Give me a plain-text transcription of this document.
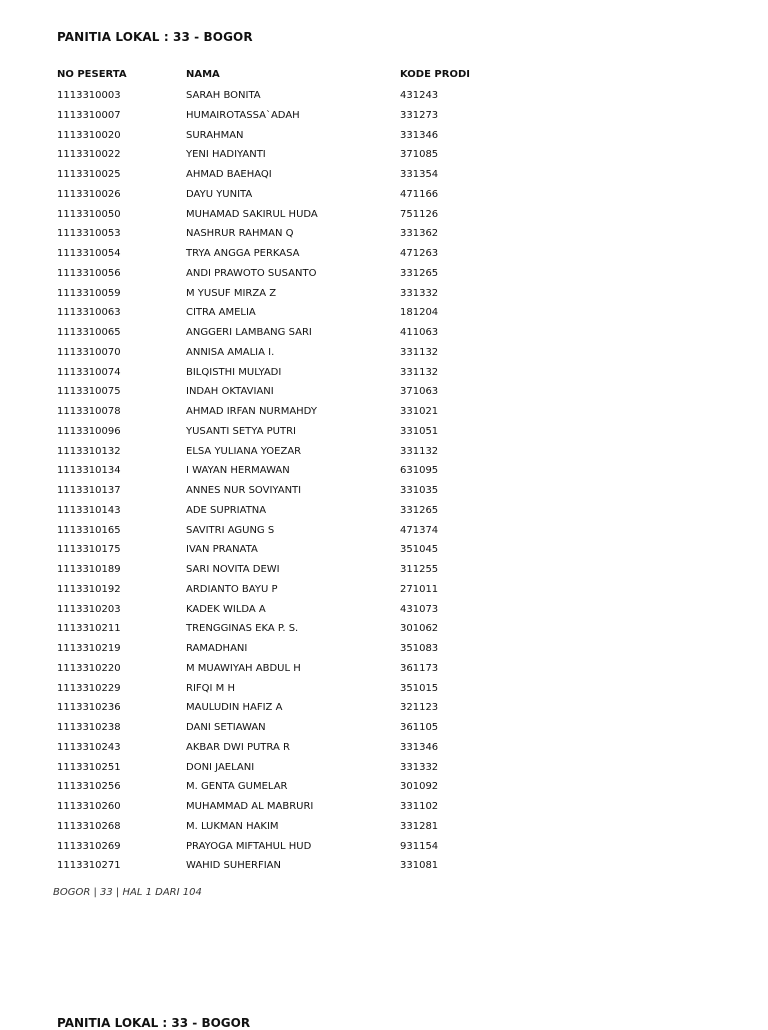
PANITIA LOKAL : 33 - BOGOR
NO PESERTA	NAMA	KODE PRODI
1113310003	SARAH BONITA	431243
1113310007	HUMAIROTASSA`ADAH	331273
1113310020	SURAHMAN	331346
1113310022	YENI HADIYANTI	371085
1113310025	AHMAD BAEHAQI	331354
1113310026	DAYU YUNITA	471166
1113310050	MUHAMAD SAKIRUL HUDA	751126
1113310053	NASHRUR RAHMAN Q	331362
1113310054	TRYA ANGGA PERKASA	471263
1113310056	ANDI PRAWOTO SUSANTO	331265
1113310059	M YUSUF MIRZA Z	331332
1113310063	CITRA AMELIA	181204
1113310065	ANGGERI LAMBANG SARI	411063
1113310070	ANNISA AMALIA I.	331132
1113310074	BILQISTHI MULYADI	331132
1113310075	INDAH OKTAVIANI	371063
1113310078	AHMAD IRFAN NURMAHDY	331021
1113310096	YUSANTI SETYA PUTRI	331051
1113310132	ELSA YULIANA YOEZAR	331132
1113310134	I WAYAN HERMAWAN	631095
1113310137	ANNES NUR SOVIYANTI	331035
1113310143	ADE SUPRIATNA	331265
1113310165	SAVITRI AGUNG S	471374
1113310175	IVAN PRANATA	351045
1113310189	SARI NOVITA DEWI	311255
1113310192	ARDIANTO BAYU P	271011
1113310203	KADEK WILDA A	431073
1113310211	TRENGGINAS EKA P. S.	301062
1113310219	RAMADHANI	351083
1113310220	M MUAWIYAH ABDUL H	361173
1113310229	RIFQI M H	351015
1113310236	MAULUDIN HAFIZ A	321123
1113310238	DANI SETIAWAN	361105
1113310243	AKBAR DWI PUTRA R	331346
1113310251	DONI JAELANI	331332
1113310256	M. GENTA GUMELAR	301092
1113310260	MUHAMMAD AL MABRURI	331102
1113310268	M. LUKMAN HAKIM	331281
1113310269	PRAYOGA MIFTAHUL HUD	931154
1113310271	WAHID SUHERFIAN	331081
BOGOR | 33 | HAL 1 DARI 104
PANITIA LOKAL : 33 - BOGOR
